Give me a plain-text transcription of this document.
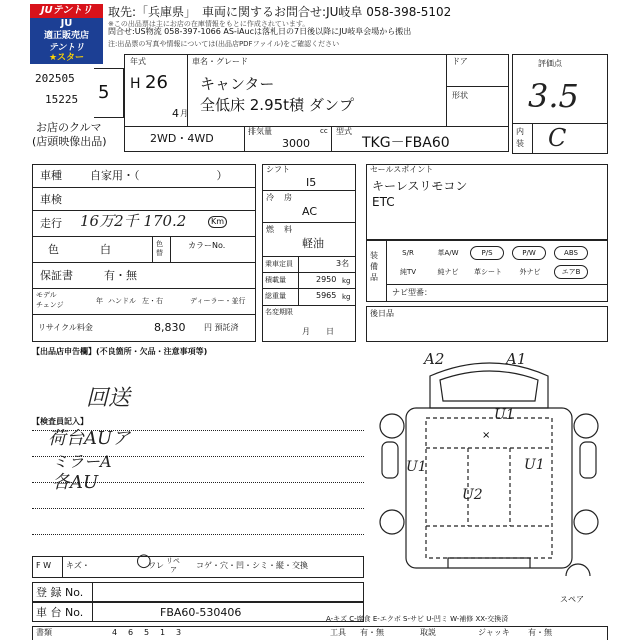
JUテントリ
JU
適正販売店
テントリ
★スター
取先:「兵庫県」　車両に関するお問合せ:JU岐阜 058-398-5102
※この出品票は主にお店の在庫情報をもとに作成されています。
問合せ:US物流 058-397-1066 AS-iAucは落札日の7日後以降にJU岐阜会場から搬出
注:出品票の写真や情報については(出品店PDFファイル)をご確認ください
202505
15225 5
お店のクルマ
(店頭映像出品)
年式
H 26
4 月
車名・グレード
キャンター
全低床 2.95t積 ダンプ
ドア
形状
2WD・4WD
排気量
3000
cc 型式
TKG－FBA60
評価点
3.5
内
装 C
車種	自家用・（　　　　　　　）
車検
走行 16万2千 170.2	Km
色	白	色替
カラーNo.
保証書	有・無
モデル
チェンジ	年 ハンドル 左・右	ディーラー・並行
リサイクル料金	8,830 円 預託済
シフト
I5
冷 房
AC
燃 料
軽油
乗車定員	3名
積載量	2950 kg
総重量	5965 kg
名変期限
月　　日
セールスポイント
キーレスリモコン
ETC
装備品
S/R	革A/W	P/S	P/W	ABS
純TV	純ナビ	革シート	外ナビ	エアB
ナビ型番：
後日品
【出品店申告欄】(不良箇所・欠品・注意事項等)
回送
【検査員記入】
荷台AUア
ミラーA
各AU
×
A2	A1
U1
U1	U1
U2
スペア
F W キズ・	○
ワレ リペ
ア コゲ・穴・凹・シミ・縦・交換
登 録 No.
車 台 No.	FBA60-530406
書類	4 6 5 1 3	工具 有・無	取説	ジャッキ 有・無
A-キズ C-腐食 E-エクボ S-サビ U-凹ミ W-補修 XX-交換済
